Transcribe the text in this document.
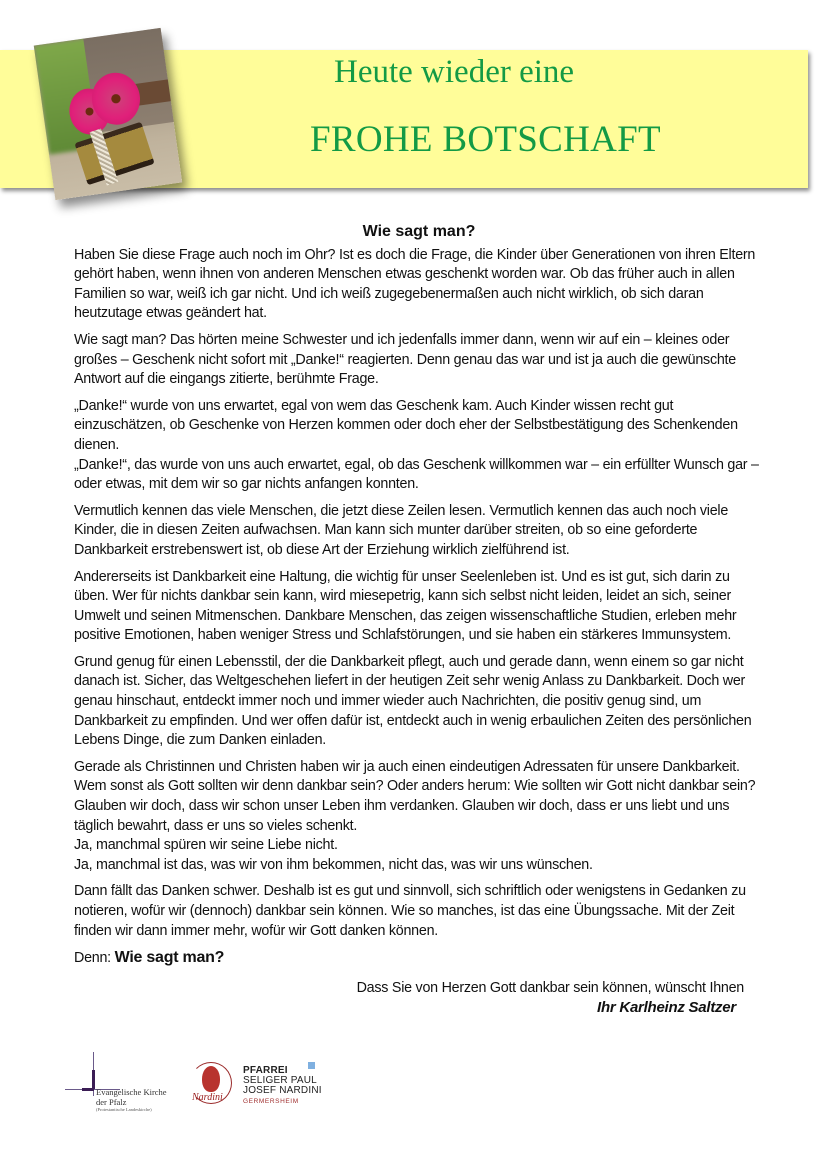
Heute wieder eine
FROHE BOTSCHAFT
Wie sagt man?

Haben Sie diese Frage auch noch im Ohr? Ist es doch die Frage, die Kinder über Generationen von ihren Eltern gehört haben, wenn ihnen von anderen Menschen etwas geschenkt worden war. Ob das früher auch in allen Familien so war, weiß ich gar nicht. Und ich weiß zugegebenermaßen auch nicht wirklich, ob sich daran heutzutage etwas geändert hat.

Wie sagt man? Das hörten meine Schwester und ich jedenfalls immer dann, wenn wir auf ein – kleines oder großes – Geschenk nicht sofort mit „Danke!“ reagierten. Denn genau das war und ist ja auch die gewünschte Antwort auf die eingangs zitierte, berühmte Frage.

„Danke!“ wurde von uns erwartet, egal von wem das Geschenk kam. Auch Kinder wissen recht gut einzuschätzen, ob Geschenke von Herzen kommen oder doch eher der Selbstbestätigung des Schenkenden dienen.
„Danke!“, das wurde von uns auch erwartet, egal, ob das Geschenk willkommen war – ein erfüllter Wunsch gar – oder etwas, mit dem wir so gar nichts anfangen konnten.

Vermutlich kennen das viele Menschen, die jetzt diese Zeilen lesen. Vermutlich kennen das auch noch viele Kinder, die in diesen Zeiten aufwachsen. Man kann sich munter darüber streiten, ob so eine geforderte Dankbarkeit erstrebenswert ist, ob diese Art der Erziehung wirklich zielführend ist.

Andererseits ist Dankbarkeit eine Haltung, die wichtig für unser Seelenleben ist. Und es ist gut, sich darin zu üben. Wer für nichts dankbar sein kann, wird miesepetrig, kann sich selbst nicht leiden, leidet an sich, seiner Umwelt und seinen Mitmenschen. Dankbare Menschen, das zeigen wissenschaftliche Studien, erleben mehr positive Emotionen, haben weniger Stress und Schlafstörungen, und sie haben ein stärkeres Immunsystem.

Grund genug für einen Lebensstil, der die Dankbarkeit pflegt, auch und gerade dann, wenn einem so gar nicht danach ist. Sicher, das Weltgeschehen liefert in der heutigen Zeit sehr wenig Anlass zu Dankbarkeit. Doch wer genau hinschaut, entdeckt immer noch und immer wieder auch Nachrichten, die positiv genug sind, um Dankbarkeit zu empfinden. Und wer offen dafür ist, entdeckt auch in wenig erbaulichen Zeiten des persönlichen Lebens Dinge, die zum Danken einladen.

Gerade als Christinnen und Christen haben wir ja auch einen eindeutigen Adressaten für unsere Dankbarkeit. Wem sonst als Gott sollten wir denn dankbar sein? Oder anders herum: Wie sollten wir Gott nicht dankbar sein?
Glauben wir doch, dass wir schon unser Leben ihm verdanken. Glauben wir doch, dass er uns liebt und uns täglich bewahrt, dass er uns so vieles schenkt.
Ja, manchmal spüren wir seine Liebe nicht.
Ja, manchmal ist das, was wir von ihm bekommen, nicht das, was wir uns wünschen.

Dann fällt das Danken schwer. Deshalb ist es gut und sinnvoll, sich schriftlich oder wenigstens in Gedanken zu notieren, wofür wir (dennoch) dankbar sein können. Wie so manches, ist das eine Übungssache. Mit der Zeit finden wir dann immer mehr, wofür wir Gott danken können.

Denn: Wie sagt man?

Dass Sie von Herzen Gott dankbar sein können, wünscht Ihnen
Ihr Karlheinz Saltzer
Evangelische Kirche
der Pfalz
(Protestantische Landeskirche)
Nardini
PFARREI
SELIGER PAUL
JOSEF NARDINI
GERMERSHEIM
